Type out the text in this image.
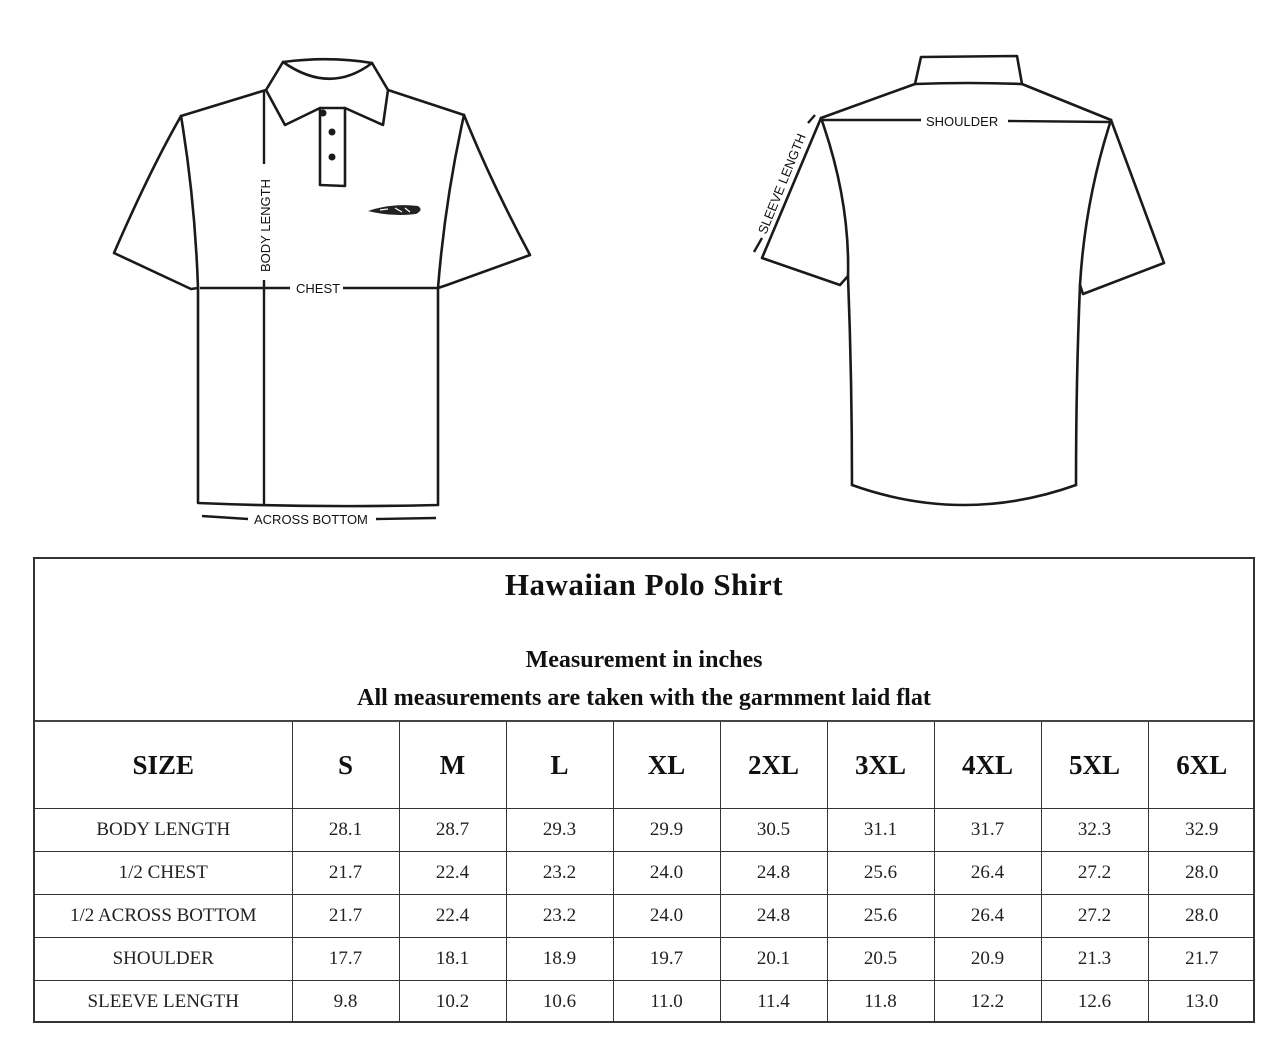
BODY LENGTH
CHEST
ACROSS BOTTOM
SHOULDER
SLEEVE LENGTH
Hawaiian Polo Shirt
Measurement in inches
All measurements are taken with the garmment laid flat
SIZE	S	M	L	XL	2XL	3XL	4XL	5XL	6XL
BODY LENGTH	28.1	28.7	29.3	29.9	30.5	31.1	31.7	32.3	32.9
1/2 CHEST	21.7	22.4	23.2	24.0	24.8	25.6	26.4	27.2	28.0
1/2 ACROSS BOTTOM	21.7	22.4	23.2	24.0	24.8	25.6	26.4	27.2	28.0
SHOULDER	17.7	18.1	18.9	19.7	20.1	20.5	20.9	21.3	21.7
SLEEVE LENGTH	9.8	10.2	10.6	11.0	11.4	11.8	12.2	12.6	13.0
